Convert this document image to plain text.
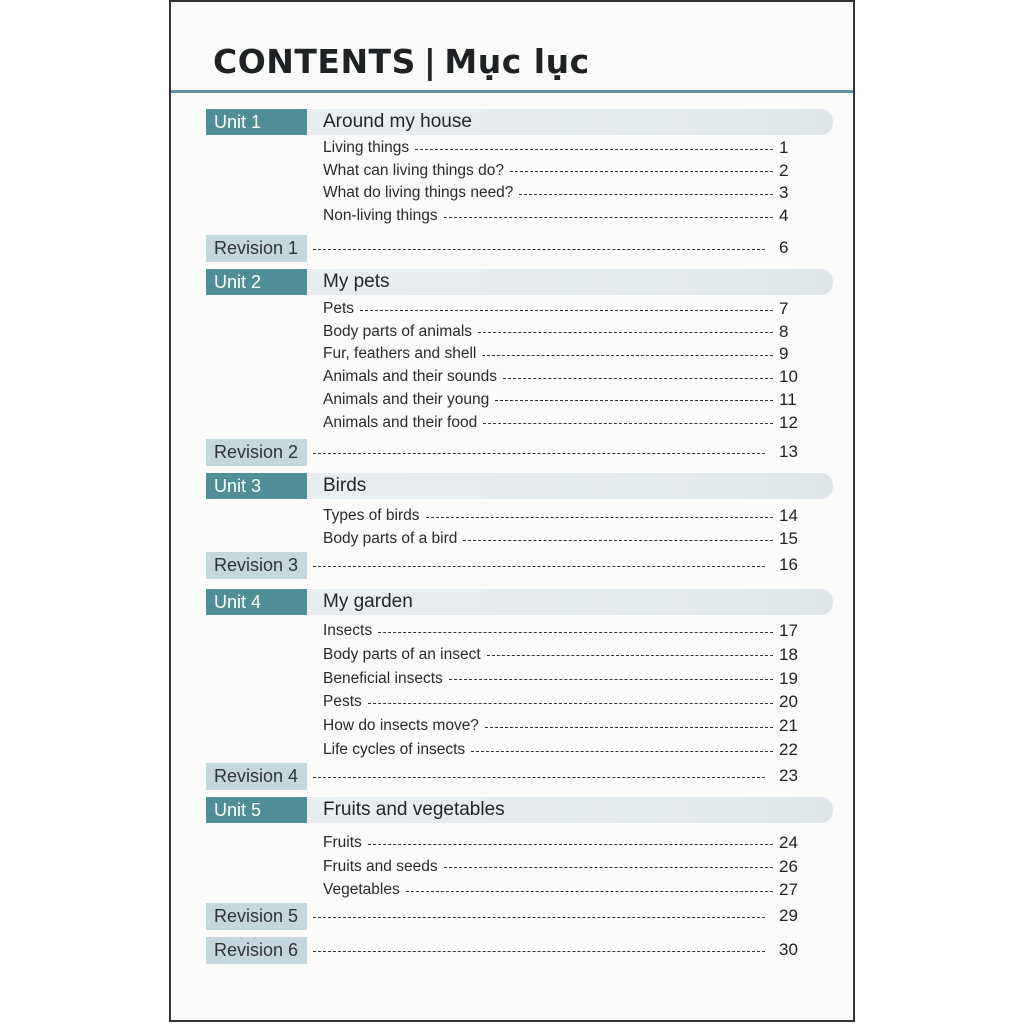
CONTENTS | Mục lục
Unit 1	Around my house
Living things	1
What can living things do?	2
What do living things need?	3
Non-living things	4
Unit 2	My pets
Pets	7
Body parts of animals	8
Fur, feathers and shell	9
Animals and their sounds	10
Animals and their young	11
Animals and their food	12
Unit 3	Birds
Types of birds	14
Body parts of a bird	15
Unit 4	My garden
Insects	17
Body parts of an insect	18
Beneficial insects	19
Pests	20
How do insects move?	21
Life cycles of insects	22
Unit 5	Fruits and vegetables
Fruits	24
Fruits and seeds	26
Vegetables	27
Revision 1	6
Revision 2	13
Revision 3	16
Revision 4	23
Revision 5	29
Revision 6	30
